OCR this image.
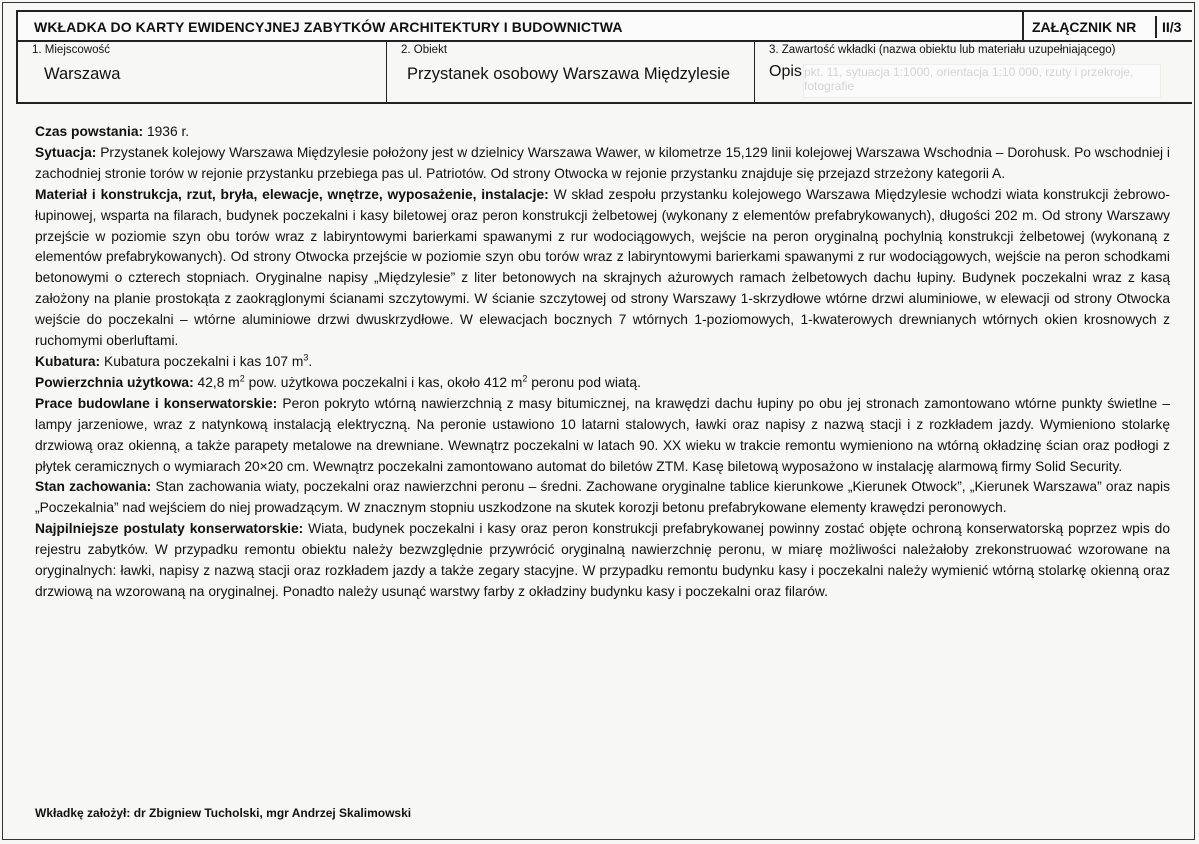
WKŁADKA DO KARTY EWIDENCYJNEJ ZABYTKÓW ARCHITEKTURY I BUDOWNICTWA	ZAŁĄCZNIK NR II/3
1. Miejscowość
Warszawa
2. Obiekt
Przystanek osobowy Warszawa Międzylesie
3. Zawartość wkładki (nazwa obiektu lub materiału uzupełniającego)
Opis pkt. 11, sytuacja 1:1000, orientacja 1:10 000, rzuty i przekroje, fotografie

Czas powstania: 1936 r.

Sytuacja: Przystanek kolejowy Warszawa Międzylesie położony jest w dzielnicy Warszawa Wawer, w kilometrze 15,129 linii kolejowej Warszawa Wschodnia – Dorohusk. Po wschodniej i zachodniej stronie torów w rejonie przystanku przebiega pas ul. Patriotów. Od strony Otwocka w rejonie przystanku znajduje się przejazd strzeżony kategorii A.

Materiał i konstrukcja, rzut, bryła, elewacje, wnętrze, wyposażenie, instalacje: W skład zespołu przystanku kolejowego Warszawa Międzylesie wchodzi wiata konstrukcji żebrowo-łupinowej, wsparta na filarach, budynek poczekalni i kasy biletowej oraz peron konstrukcji żelbetowej (wykonany z elementów prefabrykowanych), długości 202 m. Od strony Warszawy przejście w poziomie szyn obu torów wraz z labiryntowymi barierkami spawanymi z rur wodociągowych, wejście na peron oryginalną pochylnią konstrukcji żelbetowej (wykonaną z elementów prefabrykowanych). Od strony Otwocka przejście w poziomie szyn obu torów wraz z labiryntowymi barierkami spawanymi z rur wodociągowych, wejście na peron schodkami betonowymi o czterech stopniach. Oryginalne napisy „Międzylesie” z liter betonowych na skrajnych ażurowych ramach żelbetowych dachu łupiny. Budynek poczekalni wraz z kasą założony na planie prostokąta z zaokrąglonymi ścianami szczytowymi. W ścianie szczytowej od strony Warszawy 1-skrzydłowe wtórne drzwi aluminiowe, w elewacji od strony Otwocka wejście do poczekalni – wtórne aluminiowe drzwi dwuskrzydłowe. W elewacjach bocznych 7 wtórnych 1-poziomowych, 1-kwaterowych drewnianych wtórnych okien krosnowych z ruchomymi oberluftami.

Kubatura: Kubatura poczekalni i kas 107 $m^3$.

Powierzchnia użytkowa: 42,8 $m^2$ pow. użytkowa poczekalni i kas, około 412 $m^2$ peronu pod wiatą.

Prace budowlane i konserwatorskie: Peron pokryto wtórną nawierzchnią z masy bitumicznej, na krawędzi dachu łupiny po obu jej stronach zamontowano wtórne punkty świetlne – lampy jarzeniowe, wraz z natynkową instalacją elektryczną. Na peronie ustawiono 10 latarni stalowych, ławki oraz napisy z nazwą stacji i z rozkładem jazdy. Wymieniono stolarkę drzwiową oraz okienną, a także parapety metalowe na drewniane. Wewnątrz poczekalni w latach 90. XX wieku w trakcie remontu wymieniono na wtórną okładzinę ścian oraz podłogi z płytek ceramicznych o wymiarach 20×20 cm. Wewnątrz poczekalni zamontowano automat do biletów ZTM. Kasę biletową wyposażono w instalację alarmową firmy Solid Security.

Stan zachowania: Stan zachowania wiaty, poczekalni oraz nawierzchni peronu – średni. Zachowane oryginalne tablice kierunkowe „Kierunek Otwock”, „Kierunek Warszawa” oraz napis „Poczekalnia” nad wejściem do niej prowadzącym. W znacznym stopniu uszkodzone na skutek korozji betonu prefabrykowane elementy krawędzi peronowych.

Najpilniejsze postulaty konserwatorskie: Wiata, budynek poczekalni i kasy oraz peron konstrukcji prefabrykowanej powinny zostać objęte ochroną konserwatorską poprzez wpis do rejestru zabytków. W przypadku remontu obiektu należy bezwzględnie przywrócić oryginalną nawierzchnię peronu, w miarę możliwości należałoby zrekonstruować wzorowane na oryginalnych: ławki, napisy z nazwą stacji oraz rozkładem jazdy a także zegary stacyjne. W przypadku remontu budynku kasy i poczekalni należy wymienić wtórną stolarkę okienną oraz drzwiową na wzorowaną na oryginalnej. Ponadto należy usunąć warstwy farby z okładziny budynku kasy i poczekalni oraz filarów.

Wkładkę założył: dr Zbigniew Tucholski, mgr Andrzej Skalimowski
